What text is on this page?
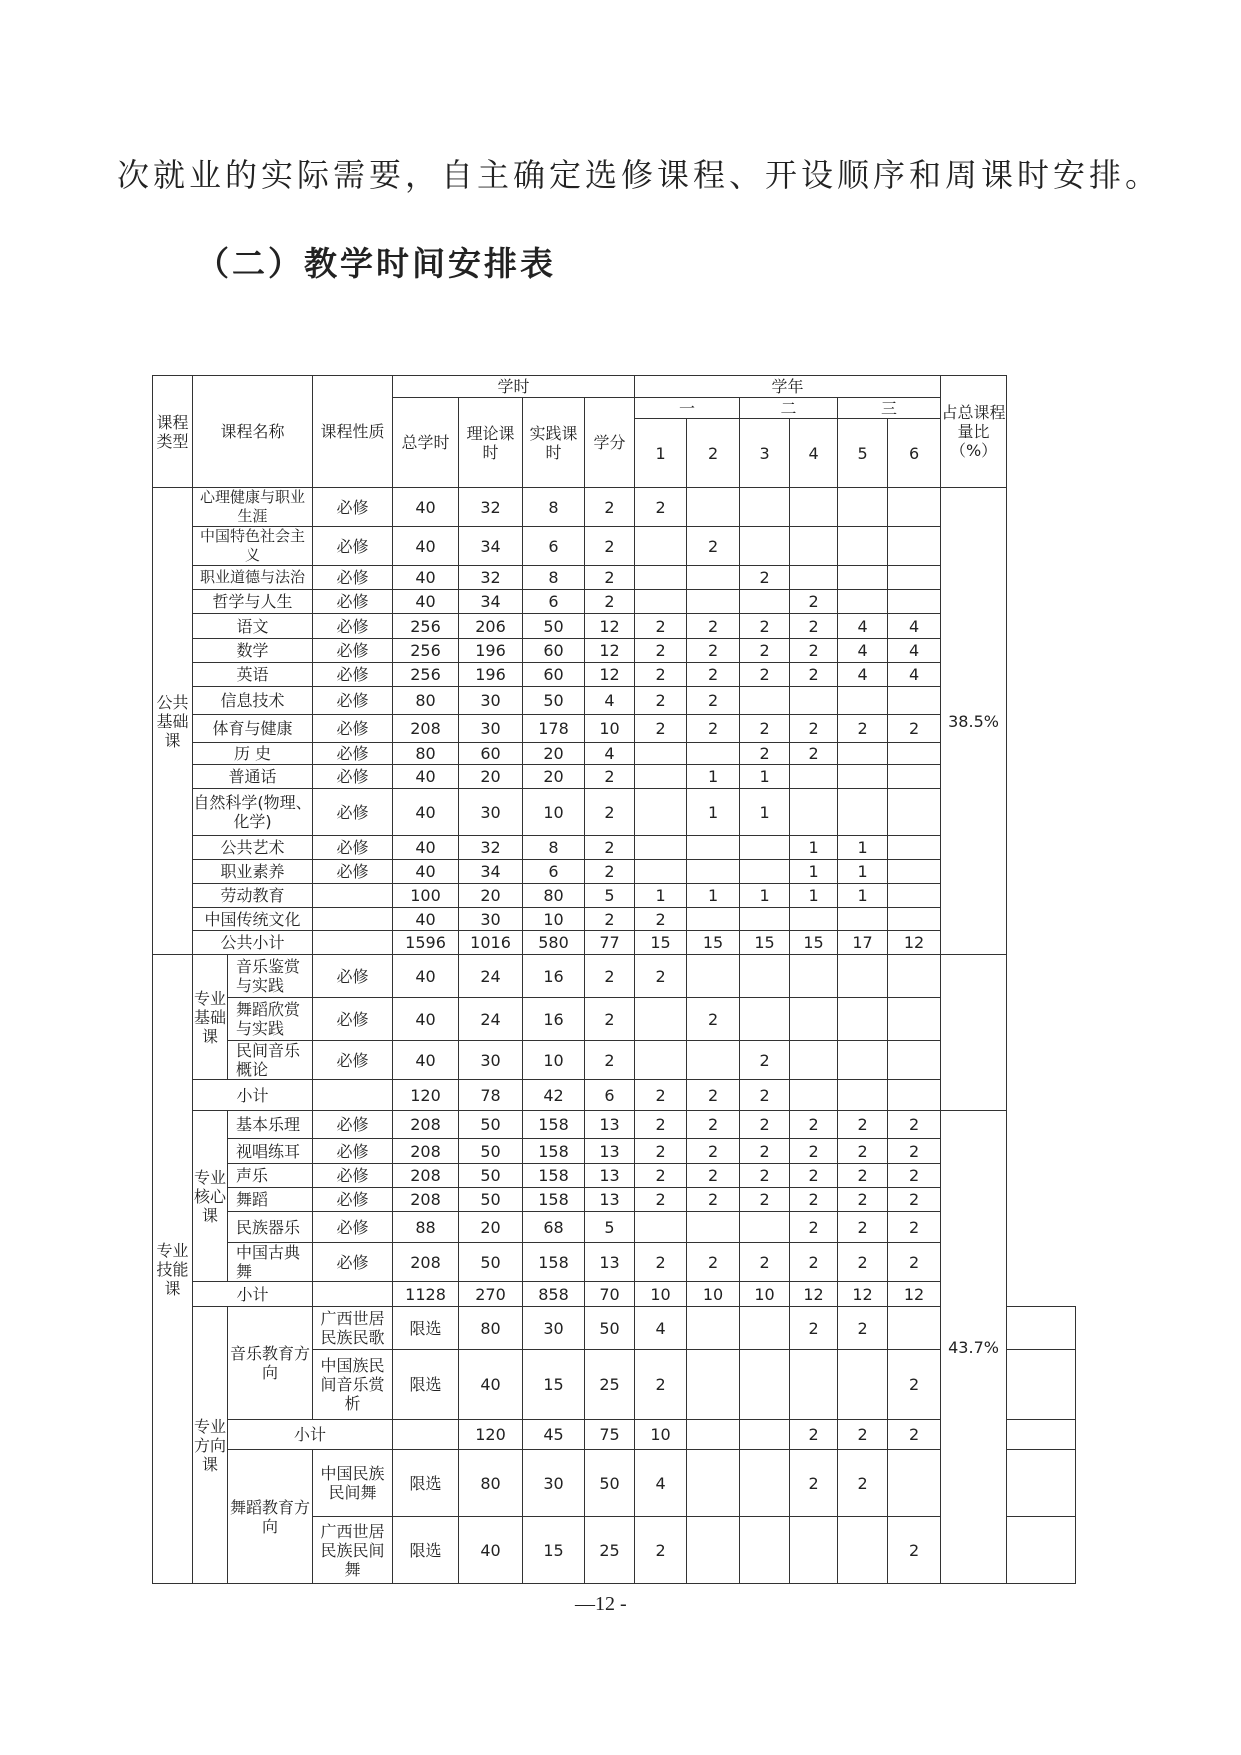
次就业的实际需要，自主确定选修课程、开设顺序和周课时安排。
（二）教学时间安排表
课程类型	课程名称		课程性质	学时				学年						占总课程量比（%）	
				总学时	理论课时	实践课时	学分	一		二		三			
								1	2	3	4	5	6		
公共基础课	心理健康与职业生涯		必修	40	32	8	2	2						38.5%	
	中国特色社会主义		必修	40	34	6	2		2						
	职业道德与法治		必修	40	32	8	2			2					
	哲学与人生		必修	40	34	6	2				2				
	语文		必修	256	206	50	12	2	2	2	2	4	4		
	数学		必修	256	196	60	12	2	2	2	2	4	4		
	英语		必修	256	196	60	12	2	2	2	2	4	4		
	信息技术		必修	80	30	50	4	2	2						
	体育与健康		必修	208	30	178	10	2	2	2	2	2	2		
	历 史		必修	80	60	20	4			2	2				
	普通话		必修	40	20	20	2		1	1					
	自然科学(物理、化学)		必修	40	30	10	2		1	1					
	公共艺术		必修	40	32	8	2				1	1			
	职业素养		必修	40	34	6	2				1	1			
	劳动教育			100	20	80	5	1	1	1	1	1			
	中国传统文化			40	30	10	2	2							
	公共小计			1596	1016	580	77	15	15	15	15	17	12		
专业技能课	专业基础课	音乐鉴赏与实践	必修	40	24	16	2	2							
		舞蹈欣赏与实践	必修	40	24	16	2		2						
		民间音乐概论	必修	40	30	10	2			2					
	小计			120	78	42	6	2	2	2					
	专业核心课	基本乐理	必修	208	50	158	13	2	2	2	2	2	2	43.7%	
		视唱练耳	必修	208	50	158	13	2	2	2	2	2	2		
		声乐	必修	208	50	158	13	2	2	2	2	2	2		
		舞蹈	必修	208	50	158	13	2	2	2	2	2	2		
		民族器乐	必修	88	20	68	5				2	2	2		
		中国古典舞	必修	208	50	158	13	2	2	2	2	2	2		
	小计			1128	270	858	70	10	10	10	12	12	12		
	专业方向课	音乐教育方向	广西世居民族民歌	限选	80	30	50	4			2	2			
			中国族民间音乐赏析	限选	40	15	25	2					2		
		小计			120	45	75	10			2	2	2		
		舞蹈教育方向	中国民族民间舞	限选	80	30	50	4			2	2			
			广西世居民族民间舞	限选	40	15	25	2					2		
—12 -
